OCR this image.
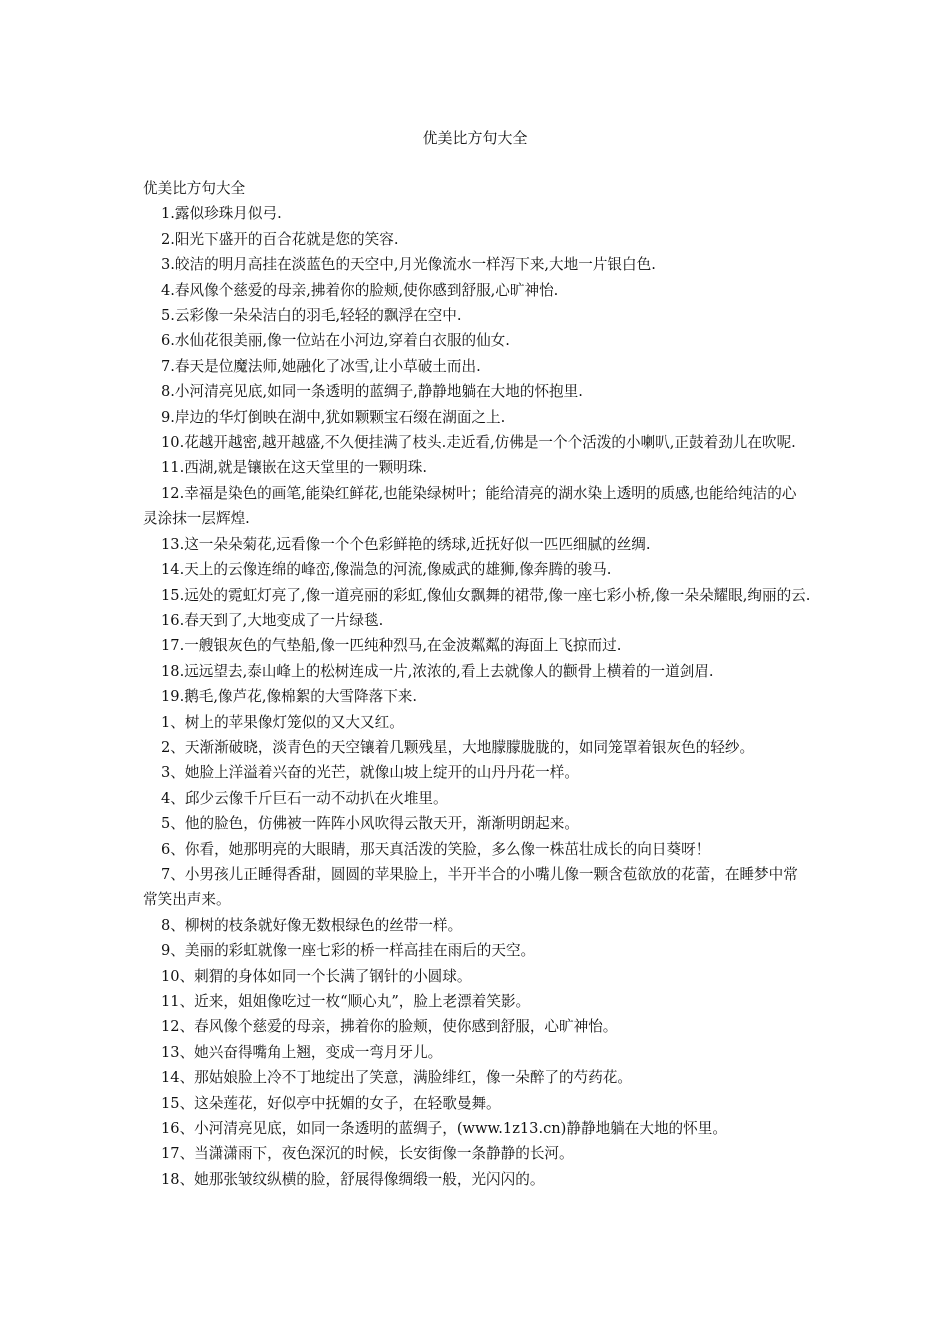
优美比方句大全

优美比方句大全

1.露似珍珠月似弓.

2.阳光下盛开的百合花就是您的笑容.

3.皎洁的明月高挂在淡蓝色的天空中,月光像流水一样泻下来,大地一片银白色.

4.春风像个慈爱的母亲,拂着你的脸颊,使你感到舒服,心旷神怡.

5.云彩像一朵朵洁白的羽毛,轻轻的飘浮在空中.

6.水仙花很美丽,像一位站在小河边,穿着白衣服的仙女.

7.春天是位魔法师,她融化了冰雪,让小草破土而出.

8.小河清亮见底,如同一条透明的蓝绸子,静静地躺在大地的怀抱里.

9.岸边的华灯倒映在湖中,犹如颗颗宝石缀在湖面之上.

10.花越开越密,越开越盛,不久便挂满了枝头.走近看,仿佛是一个个活泼的小喇叭,正鼓着劲儿在吹呢.

11.西湖,就是镶嵌在这天堂里的一颗明珠.

12.幸福是染色的画笔,能染红鲜花,也能染绿树叶；能给清亮的湖水染上透明的质感,也能给纯洁的心灵涂抹一层辉煌.

13.这一朵朵菊花,远看像一个个色彩鲜艳的绣球,近抚好似一匹匹细腻的丝绸.

14.天上的云像连绵的峰峦,像湍急的河流,像威武的雄狮,像奔腾的骏马.

15.远处的霓虹灯亮了,像一道亮丽的彩虹,像仙女飘舞的裙带,像一座七彩小桥,像一朵朵耀眼,绚丽的云.

16.春天到了,大地变成了一片绿毯.

17.一艘银灰色的气垫船,像一匹纯种烈马,在金波粼粼的海面上飞掠而过.

18.远远望去,泰山峰上的松树连成一片,浓浓的,看上去就像人的颧骨上横着的一道剑眉.

19.鹅毛,像芦花,像棉絮的大雪降落下来.

1、树上的苹果像灯笼似的又大又红。

2、天渐渐破晓，淡青色的天空镶着几颗残星，大地朦朦胧胧的，如同笼罩着银灰色的轻纱。

3、她脸上洋溢着兴奋的光芒，就像山坡上绽开的山丹丹花一样。

4、邱少云像千斤巨石一动不动扒在火堆里。

5、他的脸色，仿佛被一阵阵小风吹得云散天开，渐渐明朗起来。

6、你看，她那明亮的大眼睛，那天真活泼的笑脸，多么像一株茁壮成长的向日葵呀！

7、小男孩儿正睡得香甜，圆圆的苹果脸上，半开半合的小嘴儿像一颗含苞欲放的花蕾，在睡梦中常常笑出声来。

8、柳树的枝条就好像无数根绿色的丝带一样。

9、美丽的彩虹就像一座七彩的桥一样高挂在雨后的天空。

10、刺猬的身体如同一个长满了钢针的小圆球。

11、近来，姐姐像吃过一枚“顺心丸”，脸上老漂着笑影。

12、春风像个慈爱的母亲，拂着你的脸颊，使你感到舒服，心旷神怡。

13、她兴奋得嘴角上翘，变成一弯月牙儿。

14、那姑娘脸上冷不丁地绽出了笑意，满脸绯红，像一朵醉了的芍药花。

15、这朵莲花，好似亭中抚媚的女子，在轻歌曼舞。

16、小河清亮见底，如同一条透明的蓝绸子，(www.1z13.cn)静静地躺在大地的怀里。

17、当潇潇雨下，夜色深沉的时候，长安街像一条静静的长河。

18、她那张皱纹纵横的脸，舒展得像绸缎一般，光闪闪的。
